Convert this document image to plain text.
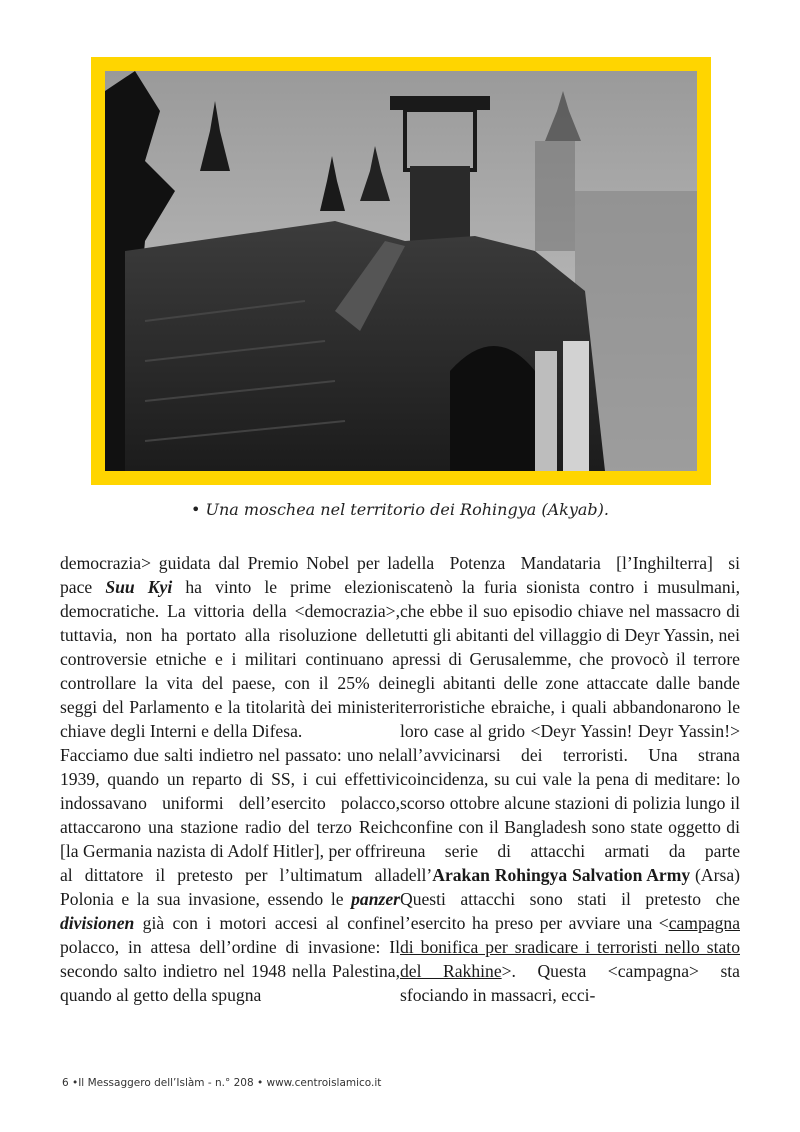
• Una moschea nel territorio dei Rohingya (Akyab).

democrazia> guidata dal Premio Nobel per la pace Suu Kyi ha vinto le prime elezioni democratiche. La vittoria della <democrazia>, tuttavia, non ha portato alla risoluzione delle controversie etniche e i militari continuano a controllare la vita del paese, con il 25% dei seggi del Parlamento e la titolarità dei ministeri chiave degli Interni e della Difesa.

Facciamo due salti indietro nel passato: uno nel 1939, quando un reparto di SS, i cui effettivi indossavano uniformi dell’esercito polacco, attaccarono una stazione radio del terzo Reich [la Germania nazista di Adolf Hitler], per offrire al dittatore il pretesto per l’ultimatum alla Polonia e la sua invasione, essendo le panzer divisionen già con i motori accesi al confine polacco, in attesa dell’ordine di invasione: Il secondo salto indietro nel 1948 nella Palestina, quando al getto della spugna

della Potenza Mandataria [l’Inghilterra] si scatenò la furia sionista contro i musulmani, che ebbe il suo episodio chiave nel massacro di tutti gli abitanti del villaggio di Deyr Yassin, nei pressi di Gerusalemme, che provocò il terrore negli abitanti delle zone attaccate dalle bande terroristiche ebraiche, i quali abbandonarono le loro case al grido <Deyr Yassin! Deyr Yassin!> all’avvicinarsi dei terroristi. Una strana coincidenza, su cui vale la pena di meditare: lo scorso ottobre alcune stazioni di polizia lungo il confine con il Bangladesh sono state oggetto di una serie di attacchi armati da parte dell’Arakan Rohingya Salvation Army (Arsa) Questi attacchi sono stati il pretesto che l’esercito ha preso per avviare una <campagna di bonifica per sradicare i terroristi nello stato del Rakhine>. Questa <campagna> sta sfociando in massacri, ecci-

6 •Il Messaggero dell’Islàm - n.° 208 • www.centroislamico.it
